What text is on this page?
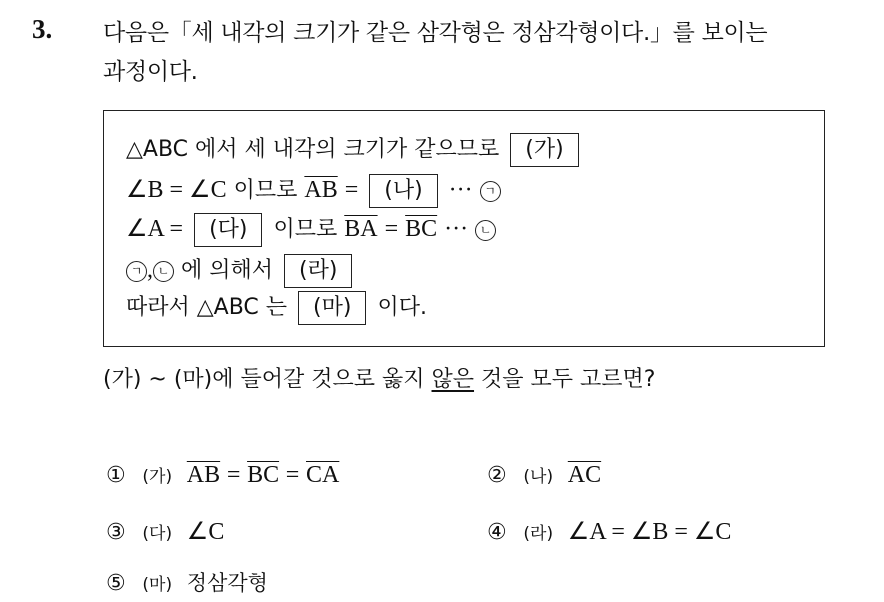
3. 다음은「세 내각의 크기가 같은 삼각형은 정삼각형이다.」를 보이는
과정이다.
△ABC 에서 세 내각의 크기가 같으므로 (가)
∠B = ∠C 이므로 $\overline{AB}$ = (나) ··· ㄱ
∠A = (다) 이므로 $\overline{BA} = \overline{BC}$ ··· ㄴ
ㄱ , ㄴ 에 의해서 (라)
따라서 △ABC 는 (마) 이다.
(가) ~ (마)에 들어갈 것으로 옳지 않은 것을 모두 고르면?
① (가) $\overline{AB} = \overline{BC} = \overline{CA}$	② (나) $\overline{AC}$
③ (다) ∠C	④ (라) ∠A = ∠B = ∠C
⑤ (마) 정삼각형
